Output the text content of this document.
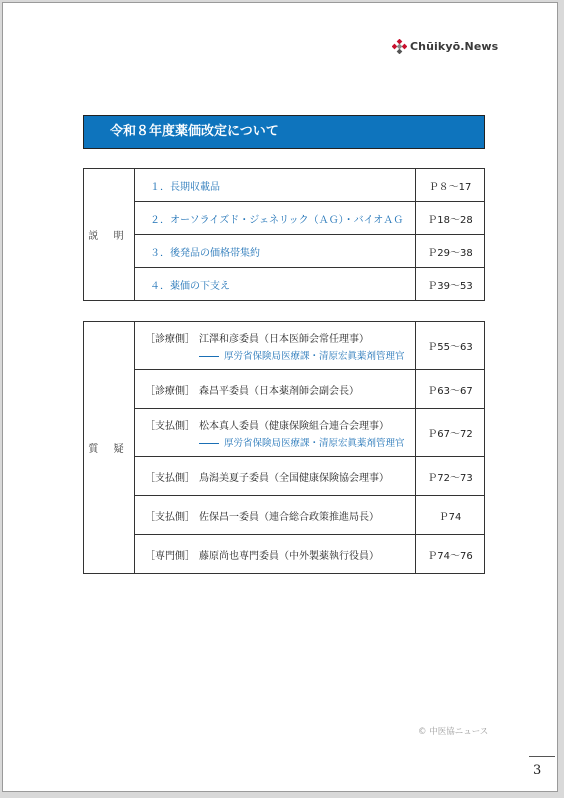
Chūikyō.News
令和８年度薬価改定について
説 明	１．長期収載品	Ｐ８～17
	２．オーソライズド・ジェネリック（ＡＧ）・バイオＡＧ	Ｐ18～28
	３．後発品の価格帯集約	Ｐ29～38
	４．薬価の下支え	Ｐ39～53
質 疑	［診療側］ 江澤和彦委員（日本医師会常任理事）
厚労省保険局医療課・清原宏眞薬剤管理官	Ｐ55～63

	［診療側］ 森昌平委員（日本薬剤師会副会長）	Ｐ63～67

	［支払側］ 松本真人委員（健康保険組合連合会理事）
厚労省保険局医療課・清原宏眞薬剤管理官	Ｐ67～72

	［支払側］ 鳥潟美夏子委員（全国健康保険協会理事）	Ｐ72～73

	［支払側］ 佐保昌一委員（連合総合政策推進局長）	Ｐ74

	［専門側］ 藤原尚也専門委員（中外製薬執行役員）	Ｐ74～76
© 中医協ニュース
3
